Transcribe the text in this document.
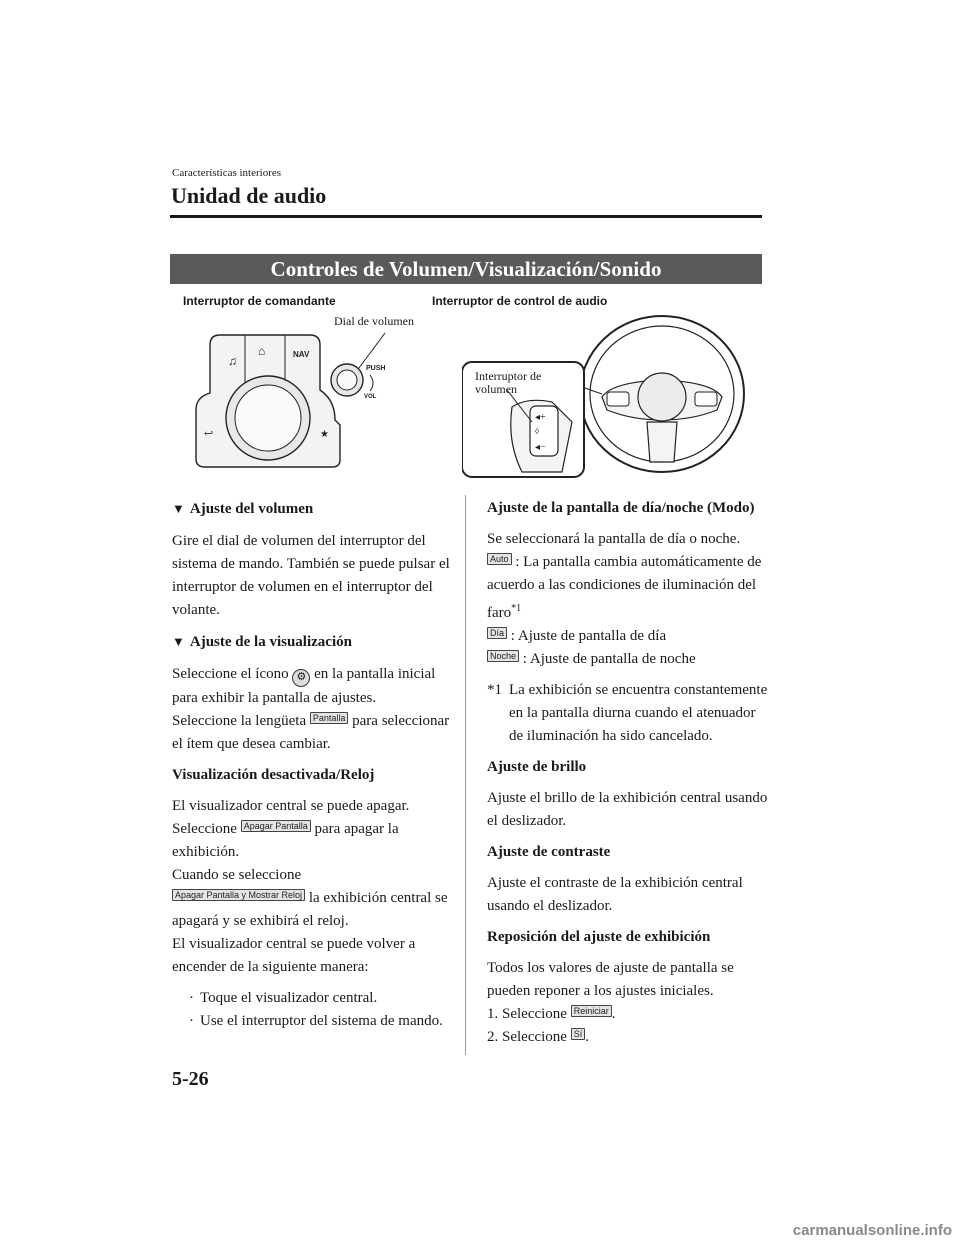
Características interiores
Unidad de audio
Controles de Volumen/Visualización/Sonido
Interruptor de comandante
Dial de volumen
♫
⌂	NAV
↩	★
PUSH
VOL
Interruptor de control de audio
◂+
◊
◂−
Interruptor de
volumen
▼ Ajuste del volumen

Gire el dial de volumen del interruptor del sistema de mando. También se puede pulsar el interruptor de volumen en el interruptor del volante.

▼ Ajuste de la visualización

Seleccione el ícono ⚙ en la pantalla inicial para exhibir la pantalla de ajustes.
Seleccione la lengüeta Pantalla para seleccionar el ítem que desea cambiar.

Visualización desactivada/Reloj

El visualizador central se puede apagar.
Seleccione Apagar Pantalla para apagar la exhibición.
Cuando se seleccione
Apagar Pantalla y Mostrar Reloj la exhibición central se apagará y se exhibirá el reloj.
El visualizador central se puede volver a encender de la siguiente manera:

· Toque el visualizador central.
· Use el interruptor del sistema de mando.
Ajuste de la pantalla de día/noche (Modo)

Se seleccionará la pantalla de día o noche.
Auto : La pantalla cambia automáticamente de acuerdo a las condiciones de iluminación del faro$^{*1}$
Día : Ajuste de pantalla de día
Noche : Ajuste de pantalla de noche

*1 La exhibición se encuentra constantemente en la pantalla diurna cuando el atenuador de iluminación ha sido cancelado.
Ajuste de brillo

Ajuste el brillo de la exhibición central usando el deslizador.

Ajuste de contraste

Ajuste el contraste de la exhibición central usando el deslizador.

Reposición del ajuste de exhibición

Todos los valores de ajuste de pantalla se pueden reponer a los ajustes iniciales.
1. Seleccione Reiniciar .
2. Seleccione Sí .

5-26
carmanualsonline.info
